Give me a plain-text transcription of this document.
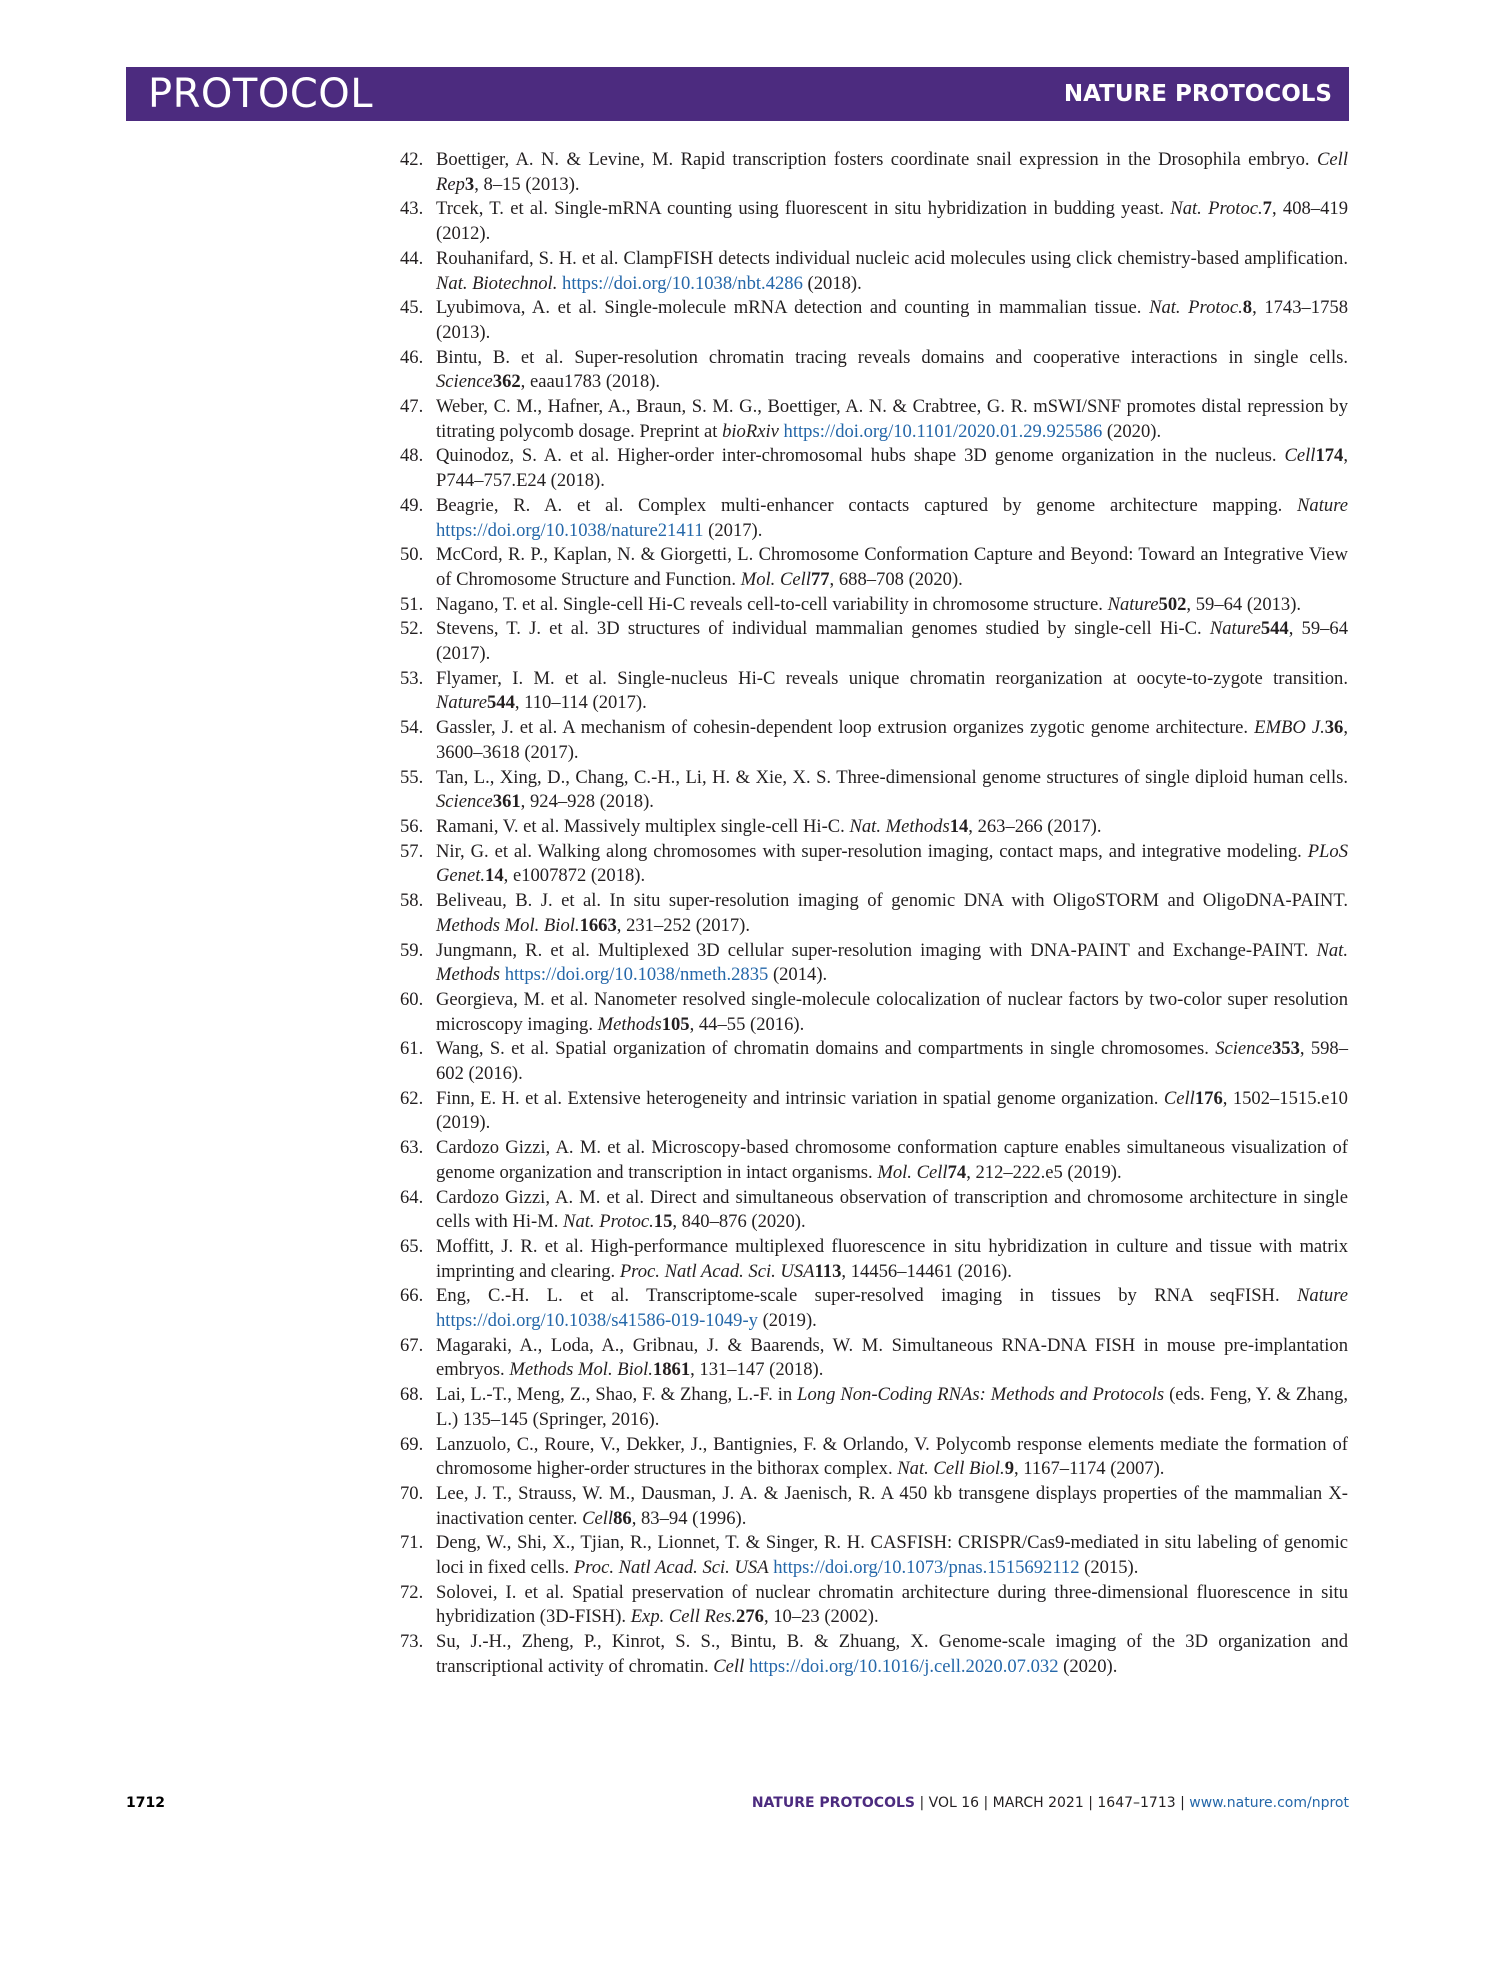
PROTOCOL	NATURE PROTOCOLS
42. Boettiger, A. N. & Levine, M. Rapid transcription fosters coordinate snail expression in the Drosophila embryo. Cell Rep3, 8–15 (2013).
43. Trcek, T. et al. Single-mRNA counting using fluorescent in situ hybridization in budding yeast. Nat. Protoc.7, 408–419 (2012).
44. Rouhanifard, S. H. et al. ClampFISH detects individual nucleic acid molecules using click chemistry-based amplification. Nat. Biotechnol. https://doi.org/10.1038/nbt.4286 (2018).
45. Lyubimova, A. et al. Single-molecule mRNA detection and counting in mammalian tissue. Nat. Protoc.8, 1743–1758 (2013).
46. Bintu, B. et al. Super-resolution chromatin tracing reveals domains and cooperative interactions in single cells. Science362, eaau1783 (2018).
47. Weber, C. M., Hafner, A., Braun, S. M. G., Boettiger, A. N. & Crabtree, G. R. mSWI/SNF promotes distal repression by titrating polycomb dosage. Preprint at bioRxiv https://doi.org/10.1101/2020.01.29.925586 (2020).
48. Quinodoz, S. A. et al. Higher-order inter-chromosomal hubs shape 3D genome organization in the nucleus. Cell174, P744–757.E24 (2018).
49. Beagrie, R. A. et al. Complex multi-enhancer contacts captured by genome architecture mapping. Nature https://doi.org/10.1038/nature21411 (2017).
50. McCord, R. P., Kaplan, N. & Giorgetti, L. Chromosome Conformation Capture and Beyond: Toward an Integrative View of Chromosome Structure and Function. Mol. Cell77, 688–708 (2020).
51. Nagano, T. et al. Single-cell Hi-C reveals cell-to-cell variability in chromosome structure. Nature502, 59–64 (2013).
52. Stevens, T. J. et al. 3D structures of individual mammalian genomes studied by single-cell Hi-C. Nature544, 59–64 (2017).
53. Flyamer, I. M. et al. Single-nucleus Hi-C reveals unique chromatin reorganization at oocyte-to-zygote transition. Nature544, 110–114 (2017).
54. Gassler, J. et al. A mechanism of cohesin-dependent loop extrusion organizes zygotic genome architecture. EMBO J.36, 3600–3618 (2017).
55. Tan, L., Xing, D., Chang, C.-H., Li, H. & Xie, X. S. Three-dimensional genome structures of single diploid human cells. Science361, 924–928 (2018).
56. Ramani, V. et al. Massively multiplex single-cell Hi-C. Nat. Methods14, 263–266 (2017).
57. Nir, G. et al. Walking along chromosomes with super-resolution imaging, contact maps, and integrative modeling. PLoS Genet.14, e1007872 (2018).
58. Beliveau, B. J. et al. In situ super-resolution imaging of genomic DNA with OligoSTORM and OligoDNA-PAINT. Methods Mol. Biol.1663, 231–252 (2017).
59. Jungmann, R. et al. Multiplexed 3D cellular super-resolution imaging with DNA-PAINT and Exchange-PAINT. Nat. Methods https://doi.org/10.1038/nmeth.2835 (2014).
60. Georgieva, M. et al. Nanometer resolved single-molecule colocalization of nuclear factors by two-color super resolution microscopy imaging. Methods105, 44–55 (2016).
61. Wang, S. et al. Spatial organization of chromatin domains and compartments in single chromosomes. Science353, 598–602 (2016).
62. Finn, E. H. et al. Extensive heterogeneity and intrinsic variation in spatial genome organization. Cell176, 1502–1515.e10 (2019).
63. Cardozo Gizzi, A. M. et al. Microscopy-based chromosome conformation capture enables simultaneous visualization of genome organization and transcription in intact organisms. Mol. Cell74, 212–222.e5 (2019).
64. Cardozo Gizzi, A. M. et al. Direct and simultaneous observation of transcription and chromosome architecture in single cells with Hi-M. Nat. Protoc.15, 840–876 (2020).
65. Moffitt, J. R. et al. High-performance multiplexed fluorescence in situ hybridization in culture and tissue with matrix imprinting and clearing. Proc. Natl Acad. Sci. USA113, 14456–14461 (2016).
66. Eng, C.-H. L. et al. Transcriptome-scale super-resolved imaging in tissues by RNA seqFISH. Nature https://doi.org/10.1038/s41586-019-1049-y (2019).
67. Magaraki, A., Loda, A., Gribnau, J. & Baarends, W. M. Simultaneous RNA-DNA FISH in mouse pre-implantation embryos. Methods Mol. Biol.1861, 131–147 (2018).
68. Lai, L.-T., Meng, Z., Shao, F. & Zhang, L.-F. in Long Non-Coding RNAs: Methods and Protocols (eds. Feng, Y. & Zhang, L.) 135–145 (Springer, 2016).
69. Lanzuolo, C., Roure, V., Dekker, J., Bantignies, F. & Orlando, V. Polycomb response elements mediate the formation of chromosome higher-order structures in the bithorax complex. Nat. Cell Biol.9, 1167–1174 (2007).
70. Lee, J. T., Strauss, W. M., Dausman, J. A. & Jaenisch, R. A 450 kb transgene displays properties of the mammalian X-inactivation center. Cell86, 83–94 (1996).
71. Deng, W., Shi, X., Tjian, R., Lionnet, T. & Singer, R. H. CASFISH: CRISPR/Cas9-mediated in situ labeling of genomic loci in fixed cells. Proc. Natl Acad. Sci. USA https://doi.org/10.1073/pnas.1515692112 (2015).
72. Solovei, I. et al. Spatial preservation of nuclear chromatin architecture during three-dimensional fluorescence in situ hybridization (3D-FISH). Exp. Cell Res.276, 10–23 (2002).
73. Su, J.-H., Zheng, P., Kinrot, S. S., Bintu, B. & Zhuang, X. Genome-scale imaging of the 3D organization and transcriptional activity of chromatin. Cell https://doi.org/10.1016/j.cell.2020.07.032 (2020).
1712	NATURE PROTOCOLS | VOL 16 | MARCH 2021 | 1647–1713 | www.nature.com/nprot
